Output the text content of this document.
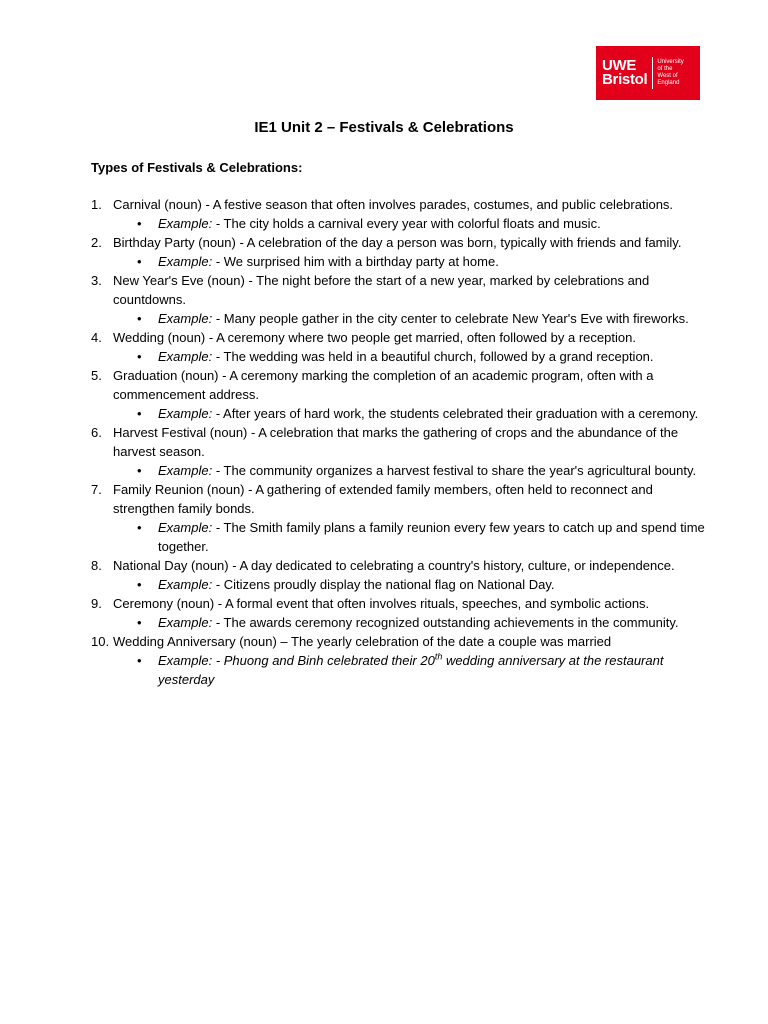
UWE
Bristol
University
of the
West of
England
IE1 Unit 2 – Festivals & Celebrations
Types of Festivals & Celebrations:
1. Carnival (noun) - A festive season that often involves parades, costumes, and public celebrations.
•	Example: - The city holds a carnival every year with colorful floats and music.
2. Birthday Party (noun) - A celebration of the day a person was born, typically with friends and family.
•	Example: - We surprised him with a birthday party at home.
3. New Year's Eve (noun) - The night before the start of a new year, marked by celebrations and countdowns.
•	Example: - Many people gather in the city center to celebrate New Year's Eve with fireworks.
4. Wedding (noun) - A ceremony where two people get married, often followed by a reception.
•	Example: - The wedding was held in a beautiful church, followed by a grand reception.
5. Graduation (noun) - A ceremony marking the completion of an academic program, often with a commencement address.
•	Example: - After years of hard work, the students celebrated their graduation with a ceremony.
6. Harvest Festival (noun) - A celebration that marks the gathering of crops and the abundance of the harvest season.
•	Example: - The community organizes a harvest festival to share the year's agricultural bounty.
7. Family Reunion (noun) - A gathering of extended family members, often held to reconnect and strengthen family bonds.
•	Example: - The Smith family plans a family reunion every few years to catch up and spend time together.
8. National Day (noun) - A day dedicated to celebrating a country's history, culture, or independence.
•	Example: - Citizens proudly display the national flag on National Day.
9. Ceremony (noun) - A formal event that often involves rituals, speeches, and symbolic actions.
•	Example: - The awards ceremony recognized outstanding achievements in the community.
10. Wedding Anniversary (noun) – The yearly celebration of the date a couple was married
•	Example: - Phuong and Binh celebrated their 20th wedding anniversary at the restaurant yesterday
